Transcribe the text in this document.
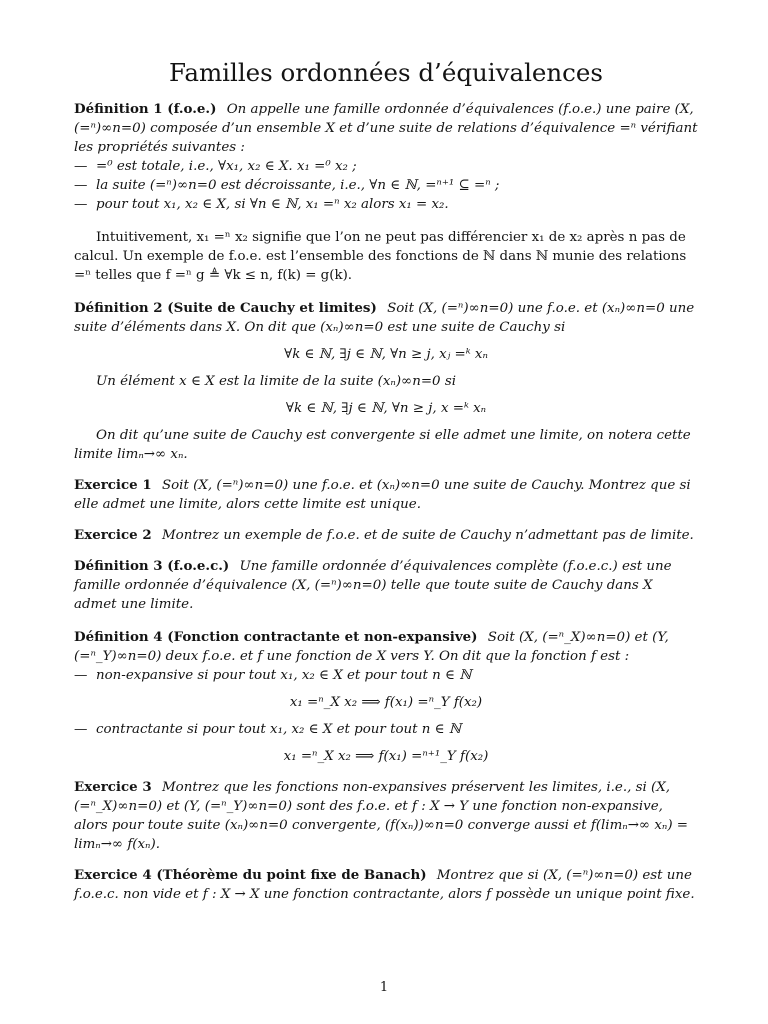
Familles ordonnées d’équivalences
Définition 1 (f.o.e.) On appelle une famille ordonnée d’équivalences (f.o.e.) une paire (X, (=ⁿ)∞n=0) composée d’un ensemble X et d’une suite de relations d’équivalence =ⁿ vérifiant les propriétés suivantes :
— =⁰ est totale, i.e., ∀x₁, x₂ ∈ X. x₁ =⁰ x₂ ;
— la suite (=ⁿ)∞n=0 est décroissante, i.e., ∀n ∈ ℕ, =ⁿ⁺¹ ⊆ =ⁿ ;
— pour tout x₁, x₂ ∈ X, si ∀n ∈ ℕ, x₁ =ⁿ x₂ alors x₁ = x₂.
Intuitivement, x₁ =ⁿ x₂ signifie que l’on ne peut pas différencier x₁ de x₂ après n pas de calcul. Un exemple de f.o.e. est l’ensemble des fonctions de ℕ dans ℕ munie des relations =ⁿ telles que f =ⁿ g ≜ ∀k ≤ n, f(k) = g(k).
Définition 2 (Suite de Cauchy et limites) Soit (X, (=ⁿ)∞n=0) une f.o.e. et (xₙ)∞n=0 une suite d’éléments dans X. On dit que (xₙ)∞n=0 est une suite de Cauchy si
∀k ∈ ℕ, ∃j ∈ ℕ, ∀n ≥ j, xⱼ =ᵏ xₙ
Un élément x ∈ X est la limite de la suite (xₙ)∞n=0 si
∀k ∈ ℕ, ∃j ∈ ℕ, ∀n ≥ j, x =ᵏ xₙ
On dit qu’une suite de Cauchy est convergente si elle admet une limite, on notera cette limite limₙ→∞ xₙ.
Exercice 1 Soit (X, (=ⁿ)∞n=0) une f.o.e. et (xₙ)∞n=0 une suite de Cauchy. Montrez que si elle admet une limite, alors cette limite est unique.
Exercice 2 Montrez un exemple de f.o.e. et de suite de Cauchy n’admettant pas de limite.
Définition 3 (f.o.e.c.) Une famille ordonnée d’équivalences complète (f.o.e.c.) est une famille ordonnée d’équivalence (X, (=ⁿ)∞n=0) telle que toute suite de Cauchy dans X admet une limite.
Définition 4 (Fonction contractante et non-expansive) Soit (X, (=ⁿ_X)∞n=0) et (Y, (=ⁿ_Y)∞n=0) deux f.o.e. et f une fonction de X vers Y. On dit que la fonction f est :
— non-expansive si pour tout x₁, x₂ ∈ X et pour tout n ∈ ℕ
x₁ =ⁿ_X x₂ ⟹ f(x₁) =ⁿ_Y f(x₂)
— contractante si pour tout x₁, x₂ ∈ X et pour tout n ∈ ℕ
x₁ =ⁿ_X x₂ ⟹ f(x₁) =ⁿ⁺¹_Y f(x₂)
Exercice 3 Montrez que les fonctions non-expansives préservent les limites, i.e., si (X, (=ⁿ_X)∞n=0) et (Y, (=ⁿ_Y)∞n=0) sont des f.o.e. et f : X → Y une fonction non-expansive, alors pour toute suite (xₙ)∞n=0 convergente, (f(xₙ))∞n=0 converge aussi et f(limₙ→∞ xₙ) = limₙ→∞ f(xₙ).
Exercice 4 (Théorème du point fixe de Banach) Montrez que si (X, (=ⁿ)∞n=0) est une f.o.e.c. non vide et f : X → X une fonction contractante, alors f possède un unique point fixe.
1
